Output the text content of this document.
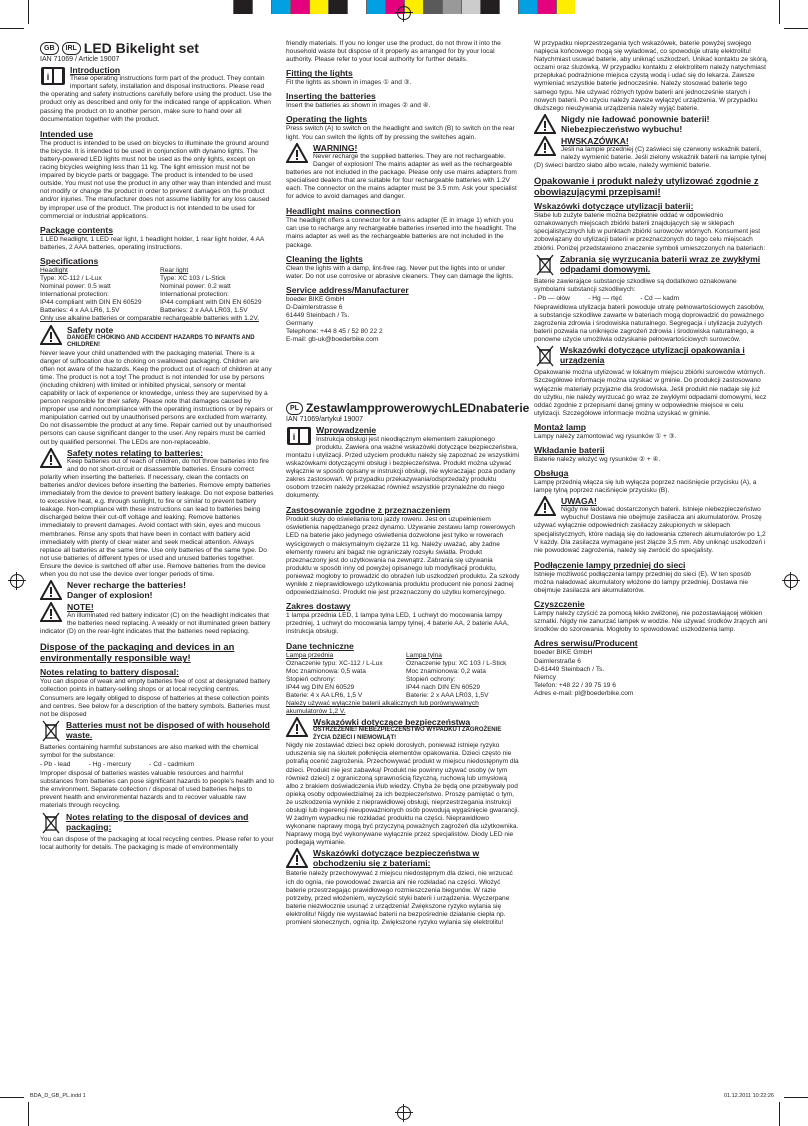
GB	IRL LED Bikelight set

IAN 71069 / Article 19007

i
Introduction

These operating instructions form part of the product. They contain important safety, installation and disposal instructions. Please read the operating and safety instructions carefully before using the product. Use the product only as described and only for the indicated range of application. When passing the product on to another person, make sure to hand over all documentation together with the product.

Intended use

The product is intended to be used on bicycles to illuminate the ground around the bicycle. It is intended to be used in conjunction with dynamo lights. The battery-powered LED lights must not be used as the only lights, except on racing bicycles weighing less than 11 kg. The light emission must not be impaired by bicycle parts or baggage. The product is intended to be used outside. You must not use the product in any other way than intended and must not modify or change the product in order to prevent damages on the product and/or injuries. The manufacturer does not assume liability for any loss caused by improper use of the product. The product is not intended to be used for commercial or industrial applications.

Package contents

1 LED headlight, 1 LED rear light, 1 headlight holder, 1 rear light holder, 4 AA batteries, 2 AAA batteries, operating instructions.

Specifications
Headlight
Type: XC-112 / L-Lux
Nominal power: 0.5 watt
International protection:
IP44 compliant with DIN EN 60529
Batteries: 4 x AA LR6, 1.5V
Rear light
Type: XC 103 / L-Stick
Nominal power: 0.2 watt
International protection:
IP44 compliant with DIN EN 60529
Batteries: 2 x AAA LR03, 1.5V

Only use alkaline batteries or comparable rechargeable batteries with 1.2V.

Safety note
DANGER! CHOKING AND ACCIDENT HAZARDS TO INFANTS AND CHILDREN!

Never leave your child unattended with the packaging material. There is a danger of suffocation due to choking on swallowed packaging. Children are often not aware of the hazards. Keep the product out of reach of children at any time. The product is not a toy! The product is not intended for use by persons (including children) with limited or inhibited physical, sensory or mental capability or lack of experience or knowledge, unless they are supervised by a person responsible for their safety. Please note that damages caused by improper use and noncompliance with the operating instructions or by repairs or manipulation carried out by unauthorised persons are excluded from warranty. Do not disassemble the product at any time. Repair carried out by unauthorised persons can cause significant danger to the user. Any repairs must be carried out by qualified personnel. The LEDs are non-replaceable.

Safety notes relating to batteries:

Keep batteries out of reach of children, do not throw batteries into fire and do not short-circuit or disassemble batteries. Ensure correct polarity when inserting the batteries. If necessary, clean the contacts on batteries and/or devices before inserting the batteries. Remove empty batteries immediately from the device to prevent battery leakage. Do not expose batteries to excessive heat, e.g. through sunlight, to fire or similar to prevent battery leakage. Non-compliance with these instructions can lead to batteries being discharged below their cut-off voltage and leaking. Remove batteries immediately to prevent damages. Avoid contact with skin, eyes and mucous membranes. Rinse any spots that have been in contact with battery acid immediately with plenty of clear water and seek medical attention. Always replace all batteries at the same time. Use only batteries of the same type. Do not use batteries of different types or used and unused batteries together. Ensure the device is switched off after use. Remove batteries from the device when you do not use the device over longer periods of time.

Never recharge the batteries!
Danger of explosion!
NOTE!

An illuminated red battery indicator (C) on the headlight indicates that the batteries need replacing. A weakly or not illuminated green battery indicator (D) on the rear-light indicates that the batteries need replacing.

Dispose of the packaging and devices in an environmentally responsible way!
Notes relating to battery disposal:

You can dispose of weak and empty batteries free of cost at designated battery collection points in battery-selling shops or at local recycling centres. Consumers are legally obliged to dispose of batteries at these collection points and centres. See below for a description of the battery symbols. Batteries must not be disposed

Batteries must not be disposed of with household waste.

Batteries containing harmful substances are also marked with the chemical symbol for the substance:

- Pb - lead          - Hg - mercury          - Cd - cadmium

Improper disposal of batteries wastes valuable resources and harmful substances from batteries can pose significant hazards to people's health and to the environment. Separate collection / disposal of used batteries helps to prevent health and environmental hazards and to recover valuable raw materials through recycling.

Notes relating to the disposal of devices and packaging:

You can dispose of the packaging at local recycling centres. Please refer to your local authority for details. The packaging is made of environmentally

friendly materials. If you no longer use the product, do not throw it into the household waste but dispose of it properly as arranged for by your local authority. Please refer to your local authority for further details.

Fitting the lights

Fit the lights as shown in images ① and ③.

Inserting the batteries

Insert the batteries as shown in images ② and ④.

Operating the lights

Press switch (A) to switch on the headlight and switch (B) to switch on the rear light. You can switch the lights off by pressing the switches again.

WARNING!

Never recharge the supplied batteries. They are not rechargeable. Danger of explosion! The mains adapter as well as the rechargeable batteries are not included in the package. Please only use mains adapters from specialised dealers that are suitable for four rechargeable batteries with 1.2V each. The connector on the mains adapter must be 3.5 mm. Ask your specialist for advice to avoid damages and danger.

Headlight mains connection

The headlight offers a connector for a mains adapter (E in image 1) which you can use to recharge any rechargeable batteries inserted into the headlight. The mains adapter as well as the rechargeable batteries are not included in the package.

Cleaning the lights

Clean the lights with a damp, lint-free rag. Never put the lights into or under water. Do not use corrosive or abrasive cleaners. They can damage the lights.

Service address/Manufacturer
boeder BIKE GmbH
D-Daimlerstrasse 6
61449 Steinbach / Ts.
Germany
Telephone: +44 8 45 / 52 80 22 2
E-mail: gb-uk@boederbike.com
PL ZestawlampprowerowychLEDnabaterie

IAN 71069/artykuł 19007

i
Wprowadzenie

Instrukcja obsługi jest nieodłącznym elementem zakupionego produktu. Zawiera ona ważne wskazówki dotyczące bezpieczeństwa, montażu i utylizacji. Przed użyciem produktu należy się zapoznać ze wszystkimi wskazówkami dotyczącymi obsługi i bezpieczeństwa. Produkt można używać wyłącznie w sposób opisany w instrukcji obsługi, nie wykraczając poza podany zakres zastosowań. W przypadku przekazywania/odsprzedaży produktu osobom trzecim należy przekazać również wszystkie przynależne do niego dokumenty.

Zastosowanie zgodne z przeznaczeniem

Produkt służy do oświetlania toru jazdy roweru. Jest on uzupełnieniem oświetlenia napędzanego przez dynamo. Używanie zestawu lamp rowerowych LED na baterie jako jedynego oświetlenia dozwolone jest tylko w rowerach wyścigowych o maksymalnym ciężarze 11 kg. Należy uważać, aby żadne elementy roweru ani bagaż nie ograniczały rozsyłu światła. Produkt przeznaczony jest do użytkowania na zewnątrz. Zabrania się używania produktu w sposób inny od powyżej opisanego lub modyfikacji produktu, ponieważ mogłoby to prowadzić do obrażeń lub uszkodzeń produktu. Za szkody wynikłe z nieprawidłowego użytkowania produktu producent nie ponosi żadnej odpowiedzialności. Produkt nie jest przeznaczony do użytku komercyjnego.

Zakres dostawy

1 lampa przednia LED, 1 lampa tylna LED, 1 uchwyt do mocowania lampy przedniej, 1 uchwyt do mocowania lampy tylnej, 4 baterie AA, 2 baterie AAA, instrukcja obsługi.

Dane techniczne
Lampa przednia
Oznaczenie typu: XC-112 / L-Lux
Moc znamionowa: 0,5 wata
Stopień ochrony:
IP44 wg DIN EN 60529
Baterie: 4 x AA LR6, 1,5 V
Lampa tylna
Oznaczenie typu: XC 103 / L-Stick
Moc znamionowa: 0,2 wata
Stopień ochrony:
IP44 nach DIN EN 60529
Baterie: 2 x AAA LR03, 1,5V

Należy używać wyłącznie baterii alkalicznych lub porównywalnych akumulatorów 1,2 V.

Wskazówki dotyczące bezpieczeństwa
OSTRZEŻENIE! NIEBEZPIECZEŃSTWO WYPADKU I ZAGROŻENIE ŻYCIA DZIECI I NIEMOWLĄT!

Nigdy nie zostawiać dzieci bez opieki dorosłych, ponieważ istnieje ryzyko uduszenia się na skutek połknięcia elementów opakowania. Dzieci często nie potrafią ocenić zagrożenia. Przechowywać produkt w miejscu niedostępnym dla dzieci. Produkt nie jest zabawką! Produkt nie powinny używać osoby (w tym również dzieci) z ograniczoną sprawnością fizyczną, ruchową lub umysłową albo z brakiem doświadczenia i/lub wiedzy. Chyba że będą one przebywały pod opieką osoby odpowiedzialnej za ich bezpieczeństwo. Proszę pamiętać o tym, że uszkodzenia wynikłe z nieprawidłowej obsługi, nieprzestrzegania instrukcji obsługi lub ingerencji nieupoważnionych osób powodują wygaśnięcie gwarancji. W żadnym wypadku nie rozkładać produktu na części. Nieprawidłowo wykonane naprawy mogą być przyczyną poważnych zagrożeń dla użytkownika. Naprawy mogą być wykonywane wyłącznie przez specjalistów. Diody LED nie podlegają wymianie.

Wskazówki dotyczące bezpieczeństwa w obchodzeniu się z bateriami:

Baterie należy przechowywać z miejscu niedostępnym dla dzieci, nie wrzucać ich do ognia, nie powodować zwarcia ani nie rozkładać na części. Włożyć baterie przestrzegając prawidłowego rozmieszczenia biegunów. W razie potrzeby, przed włożeniem, wyczyścić styki baterii i urządzenia. Wyczerpane baterie niezwłocznie usunąć z urządzenia! Zwiększone ryzyko wylania się elektrolitu! Nigdy nie wystawiać baterii na bezpośrednie działanie ciepła np. promieni słonecznych, ognia itp. Zwiększone ryzyko wylania się elektrolitu!

W przypadku nieprzestrzegania tych wskazówek, baterie powyżej swojego napięcia końcowego mogą się wyładować, co spowoduje utratę elektrolitu! Natychmiast usuwać baterie, aby uniknąć uszkodzeń. Unikać kontaktu ze skórą, oczami oraz śluzówką. W przypadku kontaktu z elektrolitem należy natychmiast przepłukać podrażnione miejsca czystą wodą i udać się do lekarza. Zawsze wymieniać wszystkie baterie jednocześnie. Należy stosować baterie tego samego typu. Nie używać różnych typów baterii ani jednocześnie starych i nowych baterii. Po użyciu należy zawsze wyłączyć urządzenia. W przypadku dłuższego nieużywania urządzenia należy wyjąć baterie.

Nigdy nie ładować ponownie baterii!
Niebezpieczeństwo wybuchu!
HWSKAZÓWKA!

Jeśli na lampie przedniej (C) zaświeci się czerwony wskaźnik baterii, należy wymienić baterie. Jeśli zielony wskaźnik baterii na lampie tylnej (D) świeci bardzo słabo albo wcale, należy wymienić baterie.

Opakowanie i produkt należy utylizować zgodnie z obowiązującymi przepisami!
Wskazówki dotyczące utylizacji baterii:

Słabe lub zużyte baterie można bezpłatnie oddać w odpowiednio oznakowanych miejscach zbiórki baterii znajdujących się w sklepach specjalistycznych lub w punktach zbiórki surowców wtórnych. Konsument jest zobowiązany do utylizacji baterii w przeznaczonych do tego celu miejscach zbiórki. Poniżej przedstawiono znaczenie symboli umieszczonych na bateriach:

Zabrania się wyrzucania baterii wraz ze zwykłymi odpadami domowymi.

Baterie zawierające substancje szkodliwe są dodatkowo oznakowane symbolami substancji szkodliwych:

- Pb — ołów          - Hg — rtęć          - Cd — kadm

Nieprawidłowa utylizacja baterii powoduje utratę pełnowartościowych zasobów, a substancje szkodliwe zawarte w bateriach mogą doprowadzić do poważnego zagrożenia zdrowia i środowiska naturalnego. Segregacja i utylizacja zużytych baterii pozwala na uniknięcie zagrożeń zdrowia i środowiska naturalnego, a ponowne użycie umożliwia odzyskanie pełnowartościowych surowców.

Wskazówki dotyczące utylizacji opakowania i urządzenia

Opakowanie można utylizować w lokalnym miejscu zbiórki surowców wtórnych. Szczegółowe informacje można uzyskać w gminie. Do produkcji zastosowano wyłącznie materiały przyjazne dla środowiska. Jeśli produkt nie nadaje się już do użytku, nie należy wyrzucać go wraz ze zwykłymi odpadami domowymi, lecz oddać zgodnie z przepisami danej gminy w odpowiednie miejsce w celu utylizacji. Szczegółowe informacje można uzyskać w gminie.

Montaż lamp

Lampy należy zamontować wg rysunków ① + ③.

Wkładanie baterii

Baterie należy włożyć wg rysunków ② + ④.

Obsługa

Lampę przednią włącza się lub wyłącza poprzez naciśnięcie przycisku (A), a lampę tylną poprzez naciśnięcie przycisku (B).

UWAGA!

Nigdy nie ładować dostarczonych baterii. Istnieje niebezpieczeństwo wybuchu! Dostawa nie obejmuje zasilacza ani akumulatorów. Proszę używać wyłącznie odpowiednich zasilaczy zakupionych w sklepach specjalistycznych, które nadają się do ładowania czterech akumulatorów po 1,2 V każdy. Dla zasilacza wymagane jest złącze 3,5 mm. Aby uniknąć uszkodzeń i nie powodować zagrożenia, należy się zwrócić do specjalisty.

Podłączenie lampy przedniej do sieci

Istnieje możliwość podłączenia lampy przedniej do sieci (E). W ten sposób można naładować akumulatory włożone do lampy przedniej. Dostawa nie obejmuje zasilacza ani akumulatorów.

Czyszczenie

Lampy należy czyścić za pomocą lekko zwilżonej, nie pozostawiającej włókien szmatki. Nigdy nie zanurzać lampek w wodzie. Nie używać środków żrących ani środków do szorowania. Mogłoby to spowodować uszkodzenia lamp.

Adres serwisu/Producent
boeder BIKE GmbH
Daimlerstraße 6
D-61449 Steinbach / Ts.
Niemcy
Telefon: +48 22 / 39 75 19 6
Adres e-mail: pl@boederbike.com
BDA_D_GB_PL.indd 1	01.12.2011 10:22:26
